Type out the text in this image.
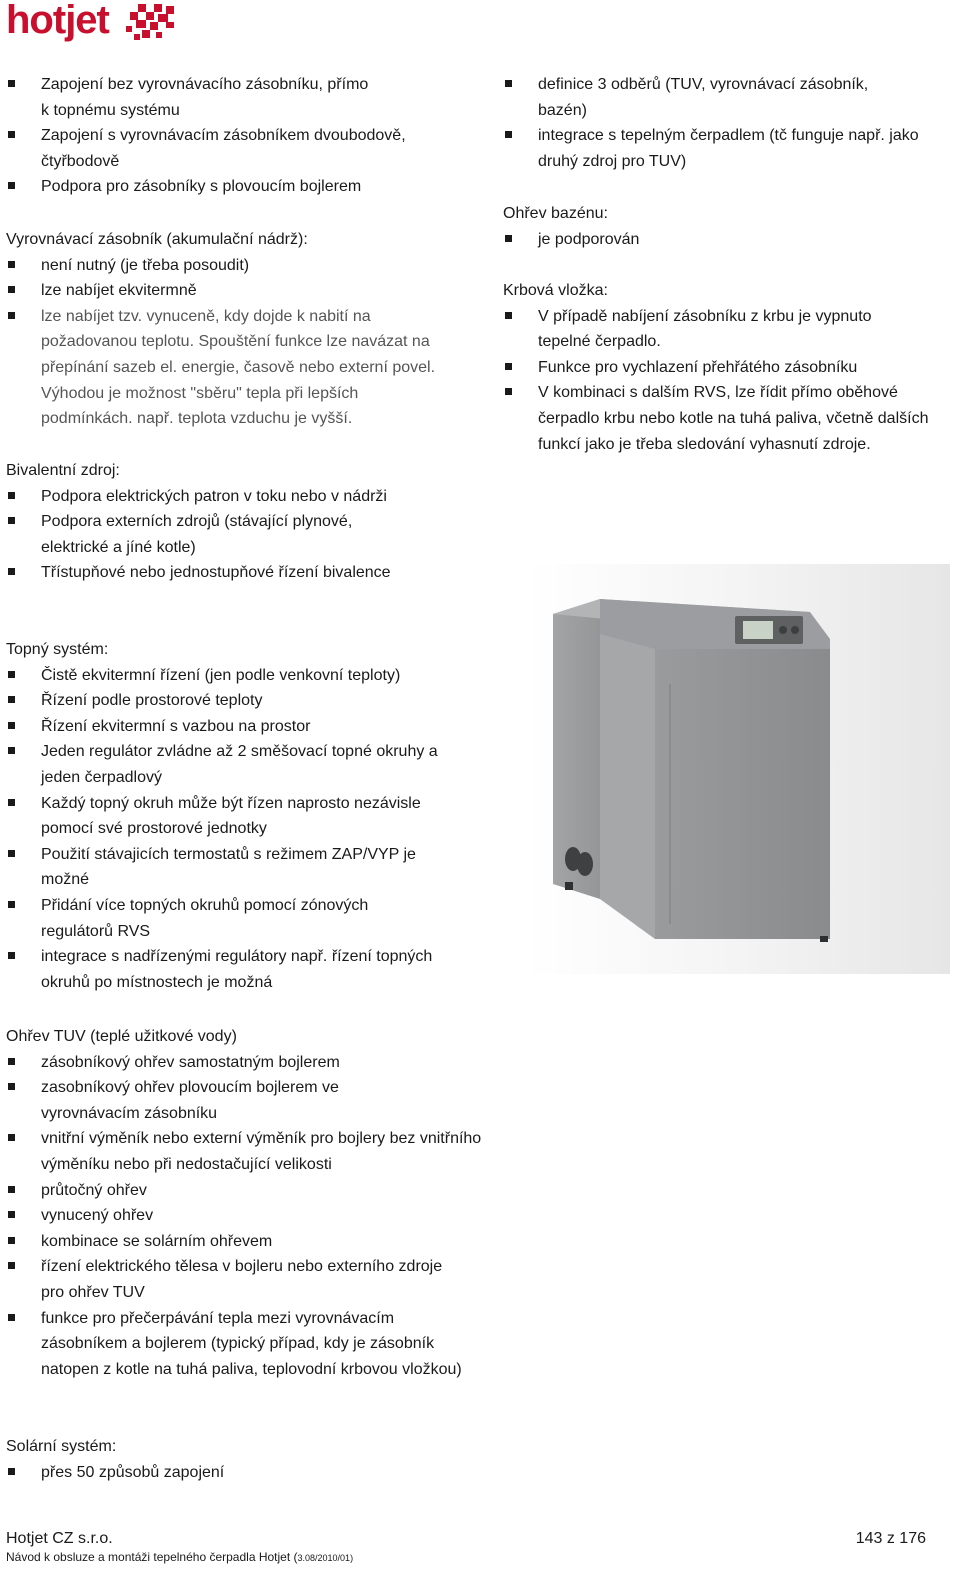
hotjet
Zapojení bez vyrovnávacího zásobníku, přímo k topnému systému
Zapojení s vyrovnávacím zásobníkem dvoubodově, čtyřbodově
Podpora pro zásobníky s plovoucím bojlerem
Vyrovnávací zásobník (akumulační nádrž):
není nutný (je třeba posoudit)
lze nabíjet ekvitermně
lze nabíjet tzv. vynuceně, kdy dojde k nabití na požadovanou teplotu. Spouštění funkce lze navázat na přepínání sazeb el. energie, časově nebo externí povel. Výhodou je možnost "sběru" tepla při lepších podmínkách. např. teplota vzduchu je vyšší.
Bivalentní zdroj:
Podpora elektrických patron v toku nebo v nádrži
Podpora externích zdrojů (stávající plynové, elektrické a jíné kotle)
Třístupňové nebo jednostupňové řízení bivalence
definice 3 odběrů (TUV, vyrovnávací zásobník, bazén)
integrace s tepelným čerpadlem (tč funguje např. jako druhý zdroj pro TUV)
Ohřev bazénu:
je podporován
Krbová vložka:
V případě nabíjení zásobníku z krbu je vypnuto tepelné čerpadlo.
Funkce pro vychlazení přehřátého zásobníku
V kombinaci s dalším RVS, lze řídit přímo oběhové čerpadlo krbu nebo kotle na tuhá paliva, včetně dalších funkcí jako je třeba sledování vyhasnutí zdroje.
Topný systém:
Čistě ekvitermní řízení (jen podle venkovní teploty)
Řízení podle prostorové teploty
Řízení ekvitermní s vazbou na prostor
Jeden regulátor zvládne až 2 směšovací topné okruhy a jeden čerpadlový
Každý topný okruh může být řízen naprosto nezávisle pomocí své prostorové jednotky
Použití stávajicích termostatů s režimem ZAP/VYP je možné
Přidání více topných okruhů pomocí zónových regulátorů RVS
integrace s nadřízenými regulátory např. řízení topných okruhů po místnostech je možná
Ohřev TUV (teplé užitkové vody)
zásobníkový ohřev samostatným bojlerem
zasobníkový ohřev plovoucím bojlerem ve vyrovnávacím zásobníku
vnitřní výměník nebo externí výměník pro bojlery bez vnitřního výměníku nebo při nedostačující velikosti
průtočný ohřev
vynucený ohřev
kombinace se solárním ohřevem
řízení elektrického tělesa v bojleru nebo externího zdroje pro ohřev TUV
funkce pro přečerpávání tepla mezi vyrovnávacím zásobníkem a bojlerem (typický případ, kdy je zásobník natopen z kotle na tuhá paliva, teplovodní krbovou vložkou)
Solární systém:
přes 50 způsobů zapojení
Hotjet CZ s.r.o.	143 z 176
Návod k obsluze a montáži tepelného čerpadla Hotjet (3.08/2010/01)
